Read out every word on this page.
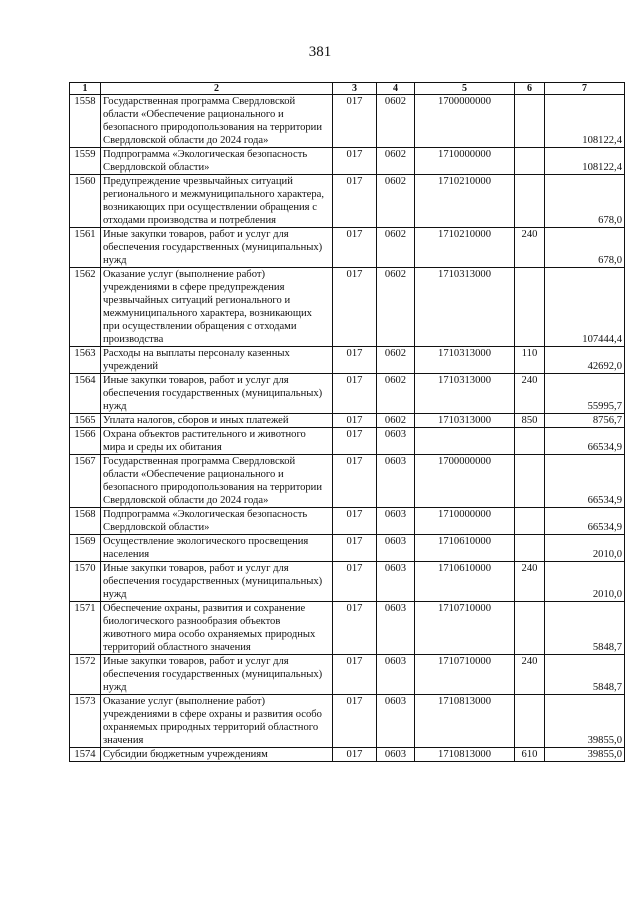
381
1	2	3	4	5	6	7
1558	Государственная программа Свердловской области «Обеспечение рационального и безопасного природопользования на территории Свердловской области до 2024 года»	017	0602	1700000000		108122,4
1559	Подпрограмма «Экологическая безопасность Свердловской области»	017	0602	1710000000		108122,4
1560	Предупреждение чрезвычайных ситуаций регионального и межмуниципального характера, возникающих при осуществлении обращения с отходами производства и потребления	017	0602	1710210000		678,0
1561	Иные закупки товаров, работ и услуг для обеспечения государственных (муниципальных) нужд	017	0602	1710210000	240	678,0
1562	Оказание услуг (выполнение работ) учреждениями в сфере предупреждения чрезвычайных ситуаций регионального и межмуниципального характера, возникающих при осуществлении обращения с отходами производства	017	0602	1710313000		107444,4
1563	Расходы на выплаты персоналу казенных учреждений	017	0602	1710313000	110	42692,0
1564	Иные закупки товаров, работ и услуг для обеспечения государственных (муниципальных) нужд	017	0602	1710313000	240	55995,7
1565	Уплата налогов, сборов и иных платежей	017	0602	1710313000	850	8756,7
1566	Охрана объектов растительного и животного мира и среды их обитания	017	0603			66534,9
1567	Государственная программа Свердловской области «Обеспечение рационального и безопасного природопользования на территории Свердловской области до 2024 года»	017	0603	1700000000		66534,9
1568	Подпрограмма «Экологическая безопасность Свердловской области»	017	0603	1710000000		66534,9
1569	Осуществление экологического просвещения населения	017	0603	1710610000		2010,0
1570	Иные закупки товаров, работ и услуг для обеспечения государственных (муниципальных) нужд	017	0603	1710610000	240	2010,0
1571	Обеспечение охраны, развития и сохранение биологического разнообразия объектов животного мира особо охраняемых природных территорий областного значения	017	0603	1710710000		5848,7
1572	Иные закупки товаров, работ и услуг для обеспечения государственных (муниципальных) нужд	017	0603	1710710000	240	5848,7
1573	Оказание услуг (выполнение работ) учреждениями в сфере охраны и развития особо охраняемых природных территорий областного значения	017	0603	1710813000		39855,0
1574	Субсидии бюджетным учреждениям	017	0603	1710813000	610	39855,0
